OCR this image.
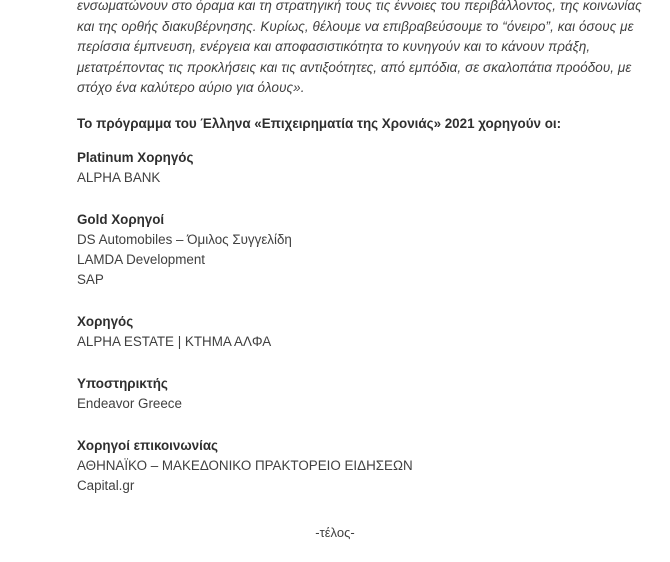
ενσωματώνουν στο όραμα και τη στρατηγική τους τις έννοιες του περιβάλλοντος, της κοινωνίας
και της ορθής διακυβέρνησης. Κυρίως, θέλουμε να επιβραβεύσουμε το “όνειρο”, και όσους με
περίσσια έμπνευση, ενέργεια και αποφασιστικότητα το κυνηγούν και το κάνουν πράξη,
μετατρέποντας τις προκλήσεις και τις αντιξοότητες, από εμπόδια, σε σκαλοπάτια προόδου, με
στόχο ένα καλύτερο αύριο για όλους».
Το πρόγραμμα του Έλληνα «Επιχειρηματία της Χρονιάς» 2021 χορηγούν οι:
Platinum Χορηγός
ALPHA BANK
Gold Χορηγοί
DS Automobiles – Όμιλος Συγγελίδη
LAMDA Development
SAP
Χορηγός
ALPHA ESTATE | ΚΤΗΜΑ ΑΛΦΑ
Υποστηρικτής
Endeavor Greece
Χορηγοί επικοινωνίας
ΑΘΗΝΑΪΚΟ – ΜΑΚΕΔΟΝΙΚΟ ΠΡΑΚΤΟΡΕΙΟ ΕΙΔΗΣΕΩΝ
Capital.gr
-τέλος-
